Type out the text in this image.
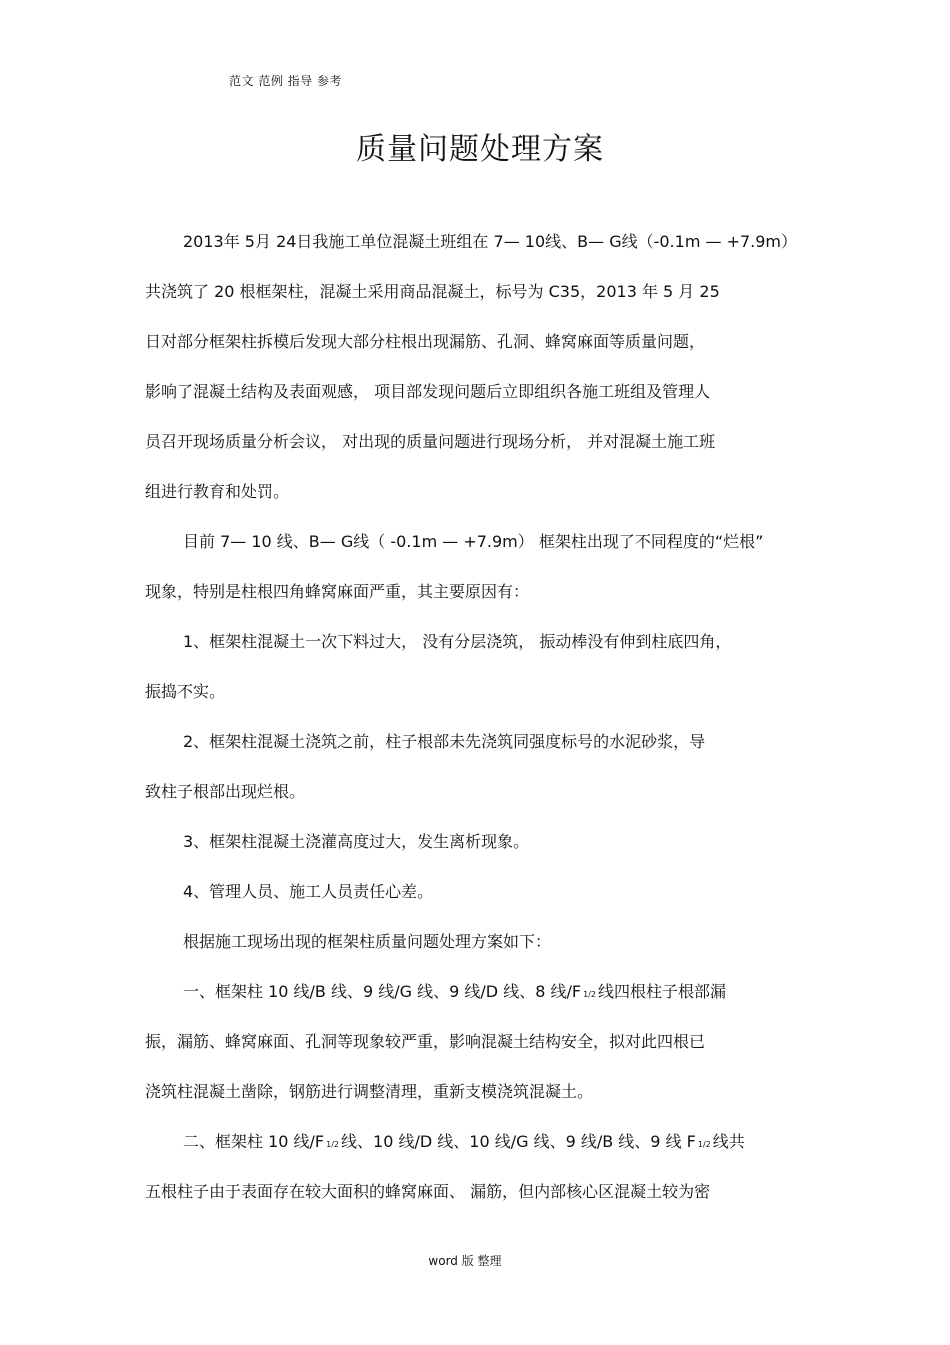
范文 范例 指导 参考
质量问题处理方案
2013年 5月 24日我施工单位混凝土班组在 7— 10线、B— G线（-0.1m — +7.9m）
共浇筑了 20 根框架柱，混凝土采用商品混凝土，标号为 C35，2013 年 5 月 25
日对部分框架柱拆模后发现大部分柱根出现漏筋、孔洞、蜂窝麻面等质量问题，
影响了混凝土结构及表面观感， 项目部发现问题后立即组织各施工班组及管理人
员召开现场质量分析会议， 对出现的质量问题进行现场分析， 并对混凝土施工班
组进行教育和处罚。
目前 7— 10 线、B— G线（ -0.1m — +7.9m） 框架柱出现了不同程度的“烂根”
现象，特别是柱根四角蜂窝麻面严重，其主要原因有：
1、框架柱混凝土一次下料过大， 没有分层浇筑， 振动棒没有伸到柱底四角，
振捣不实。
2、框架柱混凝土浇筑之前，柱子根部未先浇筑同强度标号的水泥砂浆，导
致柱子根部出现烂根。
3、框架柱混凝土浇灌高度过大，发生离析现象。
4、管理人员、施工人员责任心差。
根据施工现场出现的框架柱质量问题处理方案如下：
一、框架柱 10 线/B 线、9 线/G 线、9 线/D 线、8 线/F 1/2 线四根柱子根部漏
振，漏筋、蜂窝麻面、孔洞等现象较严重，影响混凝土结构安全，拟对此四根已
浇筑柱混凝土凿除，钢筋进行调整清理，重新支模浇筑混凝土。
二、框架柱 10 线/F 1/2 线、10 线/D 线、10 线/G 线、9 线/B 线、9 线 F 1/2 线共
五根柱子由于表面存在较大面积的蜂窝麻面、 漏筋，但内部核心区混凝土较为密
word 版 整理
